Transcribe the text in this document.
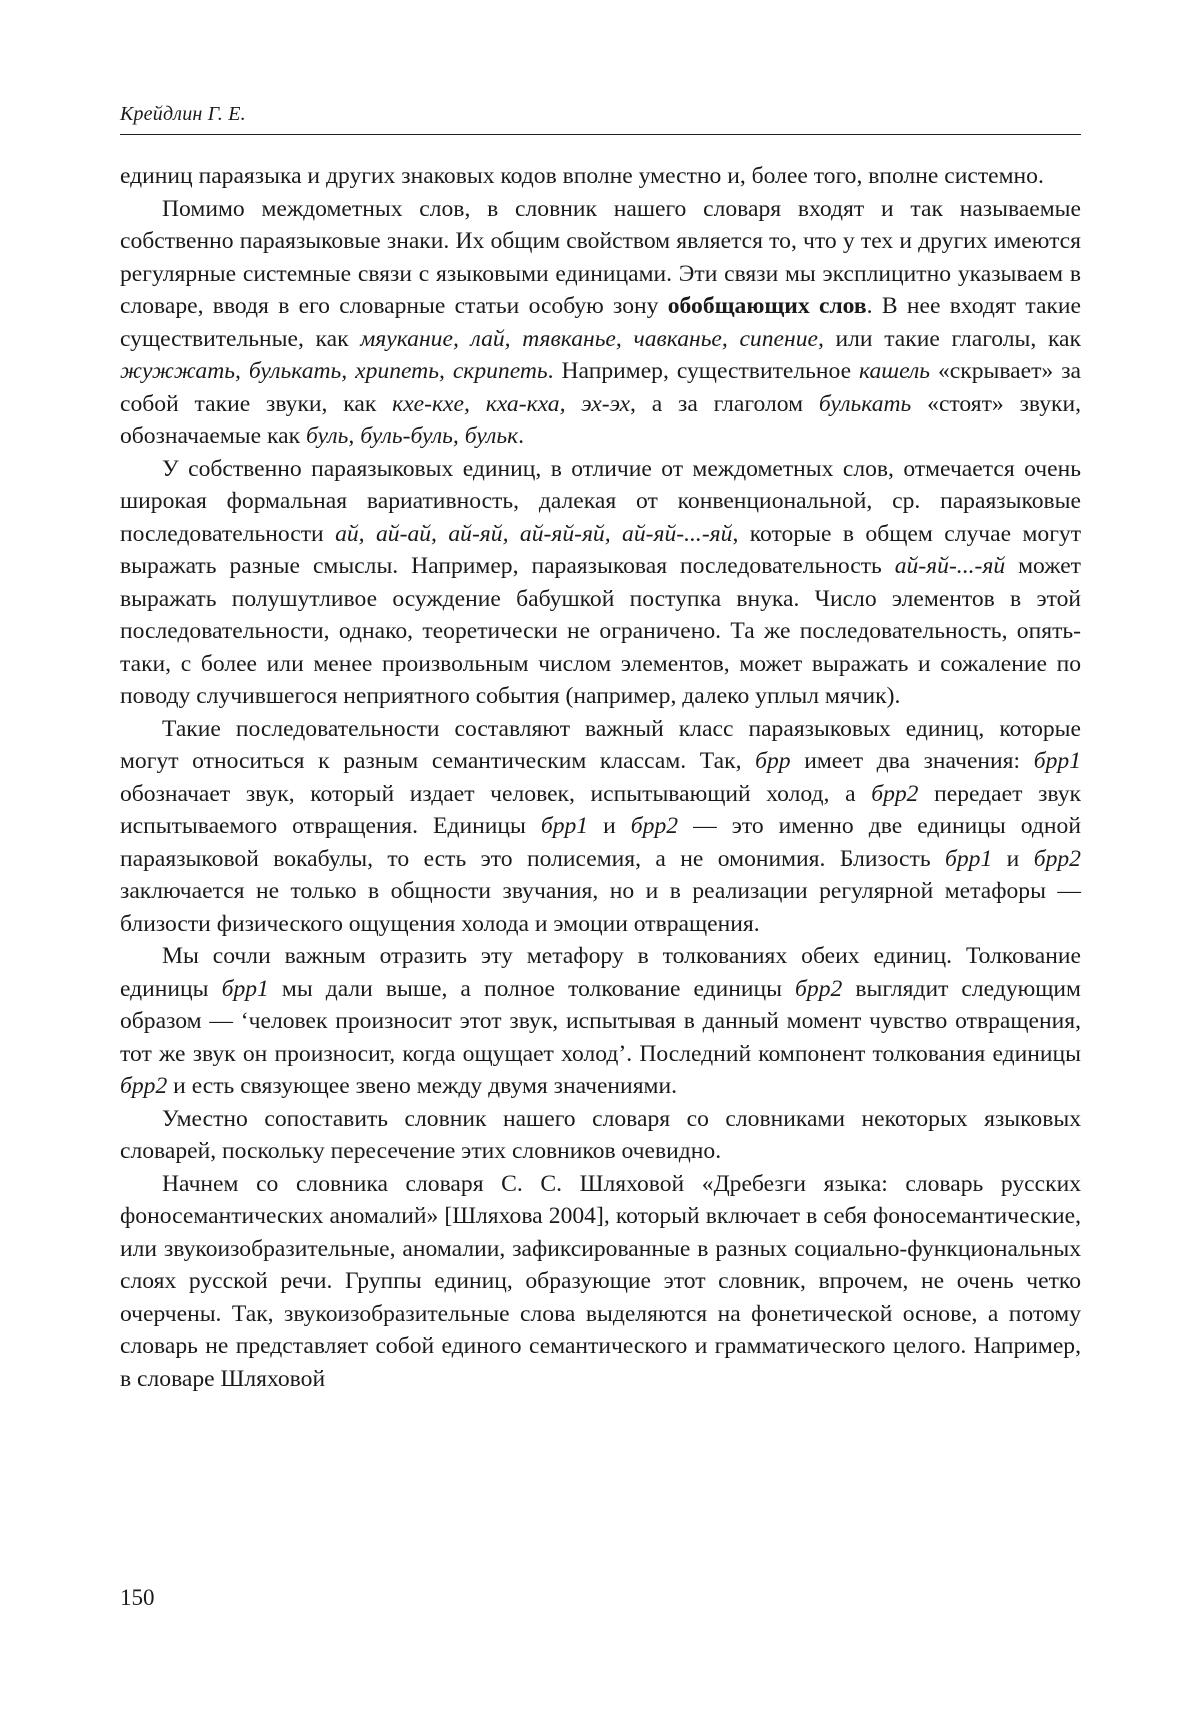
Крейдлин Г. Е.

единиц параязыка и других знаковых кодов вполне уместно и, более того, вполне системно.

Помимо междометных слов, в словник нашего словаря входят и так называемые собственно параязыковые знаки. Их общим свойством является то, что у тех и других имеются регулярные системные связи с языковыми единицами. Эти связи мы эксплицитно указываем в словаре, вводя в его словарные статьи особую зону обобщающих слов. В нее входят такие существительные, как мяукание, лай, тявканье, чавканье, сипение, или такие глаголы, как жужжать, булькать, хрипеть, скрипеть. Например, существительное кашель «скрывает» за собой такие звуки, как кхе-кхе, кха-кха, эх-эх, а за глаголом булькать «стоят» звуки, обозначаемые как буль, буль-буль, бульк.

У собственно параязыковых единиц, в отличие от междометных слов, отмечается очень широкая формальная вариативность, далекая от конвенциональной, ср. параязыковые последовательности ай, ай-ай, ай-яй, ай-яй-яй, ай-яй-...-яй, которые в общем случае могут выражать разные смыслы. Например, параязыковая последовательность ай-яй-...-яй может выражать полушутливое осуждение бабушкой поступка внука. Число элементов в этой последовательности, однако, теоретически не ограничено. Та же последовательность, опять-таки, с более или менее произвольным числом элементов, может выражать и сожаление по поводу случившегося неприятного события (например, далеко уплыл мячик).

Такие последовательности составляют важный класс параязыковых единиц, которые могут относиться к разным семантическим классам. Так, брр имеет два значения: брр1 обозначает звук, который издает человек, испытывающий холод, а брр2 передает звук испытываемого отвращения. Единицы брр1 и брр2 — это именно две единицы одной параязыковой вокабулы, то есть это полисемия, а не омонимия. Близость брр1 и брр2 заключается не только в общности звучания, но и в реализации регулярной метафоры — близости физического ощущения холода и эмоции отвращения.

Мы сочли важным отразить эту метафору в толкованиях обеих единиц. Толкование единицы брр1 мы дали выше, а полное толкование единицы брр2 выглядит следующим образом — ‘человек произносит этот звук, испытывая в данный момент чувство отвращения, тот же звук он произносит, когда ощущает холод’. Последний компонент толкования единицы брр2 и есть связующее звено между двумя значениями.

Уместно сопоставить словник нашего словаря со словниками некоторых языковых словарей, поскольку пересечение этих словников очевидно.

Начнем со словника словаря С. С. Шляховой «Дребезги языка: словарь русских фоносемантических аномалий» [Шляхова 2004], который включает в себя фоносемантические, или звукоизобразительные, аномалии, зафиксированные в разных социально-функциональных слоях русской речи. Группы единиц, образующие этот словник, впрочем, не очень четко очерчены. Так, звукоизобразительные слова выделяются на фонетической основе, а потому словарь не представляет собой единого семантического и грамматического целого. Например, в словаре Шляховой

150
